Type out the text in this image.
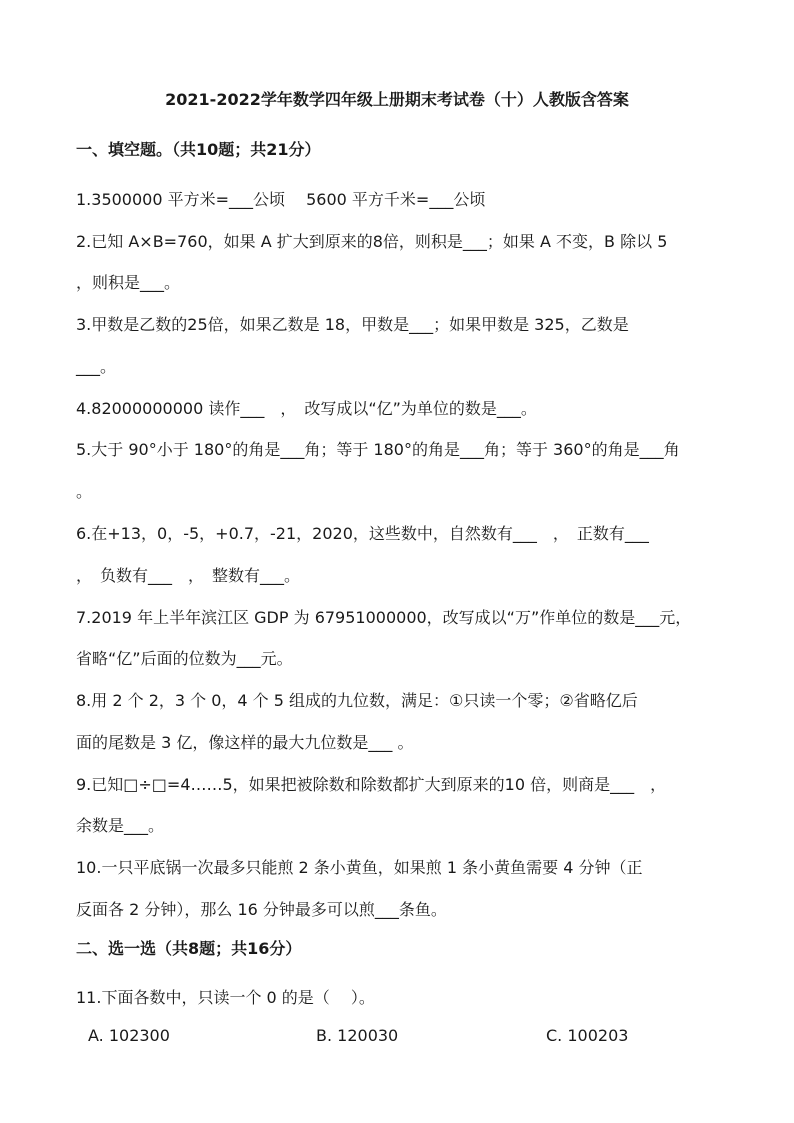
2021-2022学年数学四年级上册期末考试卷（十）人教版含答案
一、填空题。（共10题；共21分）
1.3500000 平方米=___公顷　 5600 平方千米=___公顷
2.已知 A×B=760，如果 A 扩大到原来的8倍，则积是___；如果 A 不变，B 除以 5
，则积是___。
3.甲数是乙数的25倍，如果乙数是 18，甲数是___；如果甲数是 325，乙数是
___。
4.82000000000 读作___　，　改写成以“亿”为单位的数是___。
5.大于 90°小于 180°的角是___角；等于 180°的角是___角；等于 360°的角是___角
。
6.在+13，0，-5，+0.7，-21，2020，这些数中，自然数有___　，　正数有___
，　负数有___　，　整数有___。
7.2019 年上半年滨江区 GDP 为 67951000000，改写成以“万”作单位的数是___元，
省略“亿”后面的位数为___元。
8.用 2 个 2，3 个 0，4 个 5 组成的九位数，满足：①只读一个零；②省略亿后
面的尾数是 3 亿，像这样的最大九位数是___ 。
9.已知□÷□=4……5，如果把被除数和除数都扩大到原来的10 倍，则商是___　，
余数是___。
10.一只平底锅一次最多只能煎 2 条小黄鱼，如果煎 1 条小黄鱼需要 4 分钟（正
反面各 2 分钟），那么 16 分钟最多可以煎___条鱼。
二、选一选（共8题；共16分）
11.下面各数中，只读一个 0 的是（　 ）。
A. 102300	B. 120030	C. 100203
